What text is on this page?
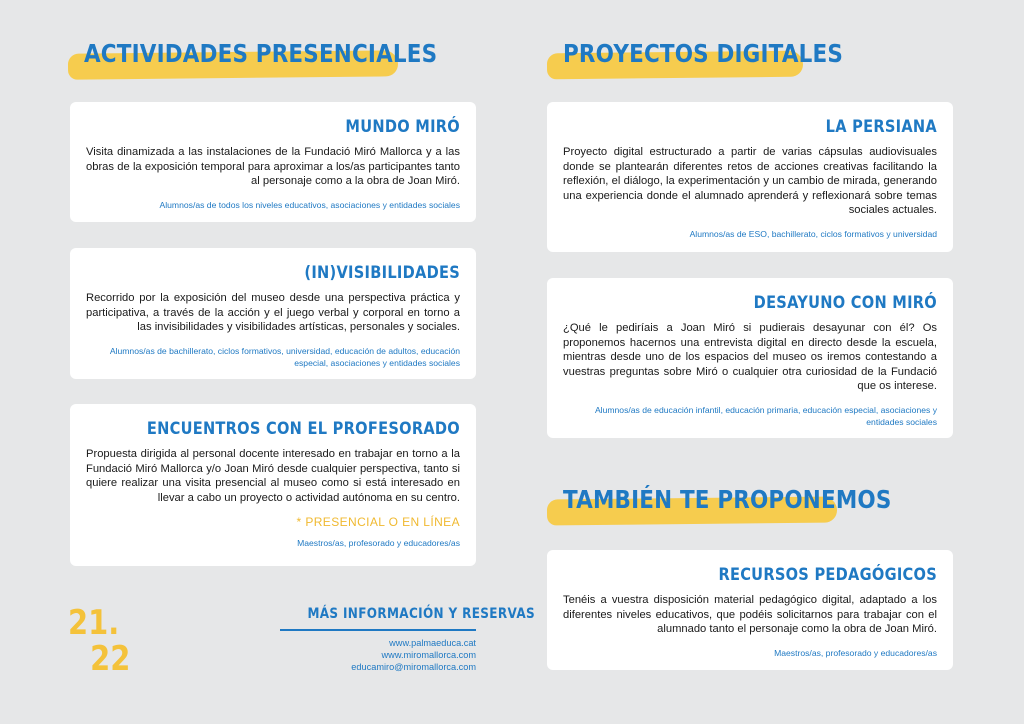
ACTIVIDADES PRESENCIALES
MUNDO MIRÓ

Visita dinamizada a las instalaciones de la Fundació Miró Mallorca y a las obras de la exposición temporal para aproximar a los/as participantes tanto al personaje como a la obra de Joan Miró.

Alumnos/as de todos los niveles educativos, asociaciones y entidades sociales

(IN)VISIBILIDADES

Recorrido por la exposición del museo desde una perspectiva práctica y participativa, a través de la acción y el juego verbal y corporal en torno a las invisibilidades y visibilidades artísticas, personales y sociales.

Alumnos/as de bachillerato, ciclos formativos, universidad, educación de adultos, educación especial, asociaciones y entidades sociales

ENCUENTROS CON EL PROFESORADO

Propuesta dirigida al personal docente interesado en trabajar en torno a la Fundació Miró Mallorca y/o Joan Miró desde cualquier perspectiva, tanto si quiere realizar una visita presencial al museo como si está interesado en llevar a cabo un proyecto o actividad autónoma en su centro.

* PRESENCIAL O EN LÍNEA

Maestros/as, profesorado y educadores/as

PROYECTOS DIGITALES
LA PERSIANA

Proyecto digital estructurado a partir de varias cápsulas audiovisuales donde se plantearán diferentes retos de acciones creativas facilitando la reflexión, el diálogo, la experimentación y un cambio de mirada, generando una experiencia donde el alumnado aprenderá y reflexionará sobre temas sociales actuales.

Alumnos/as de ESO, bachillerato, ciclos formativos y universidad

DESAYUNO CON MIRÓ

¿Qué le pediríais a Joan Miró si pudierais desayunar con él? Os proponemos hacernos una entrevista digital en directo desde la escuela, mientras desde uno de los espacios del museo os iremos contestando a vuestras preguntas sobre Miró o cualquier otra curiosidad de la Fundació que os interese.

Alumnos/as de educación infantil, educación primaria, educación especial, asociaciones y entidades sociales

TAMBIÉN TE PROPONEMOS
RECURSOS PEDAGÓGICOS

Tenéis a vuestra disposición material pedagógico digital, adaptado a los diferentes niveles educativos, que podéis solicitarnos para trabajar con el alumnado tanto el personaje como la obra de Joan Miró.

Maestros/as, profesorado y educadores/as

21.
22
MÁS INFORMACIÓN Y RESERVAS
www.palmaeduca.cat
www.miromallorca.com
educamiro@miromallorca.com
